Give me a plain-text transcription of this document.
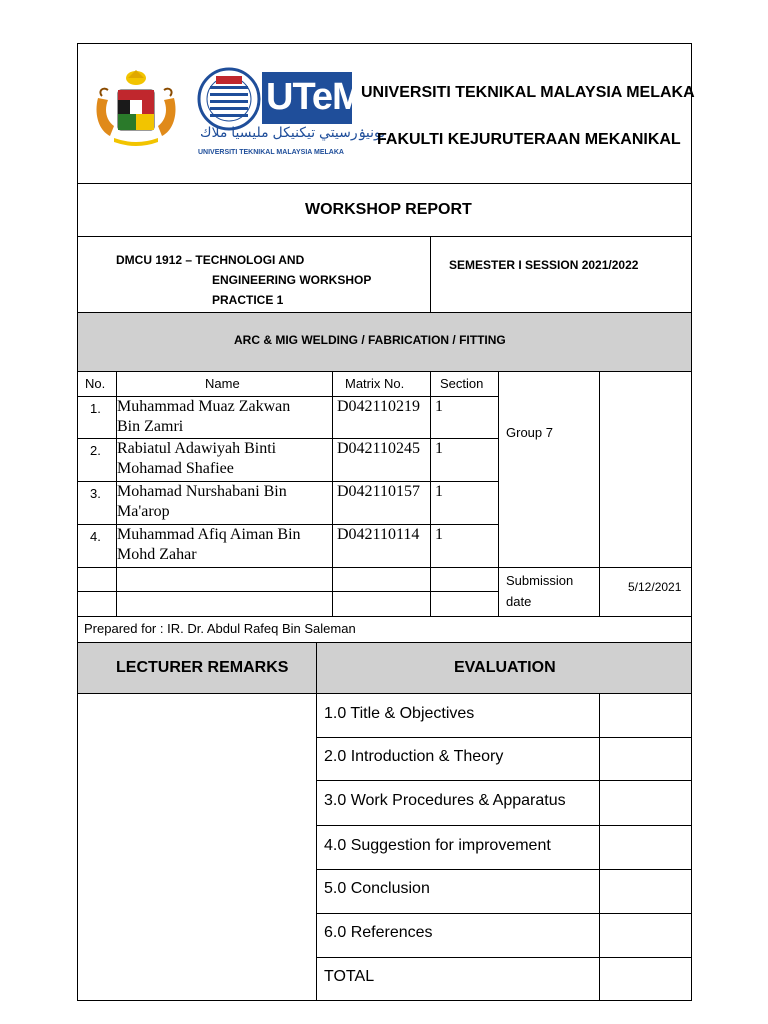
UTeM
يونيۏرسيتي تيكنيكل مليسيا ملاك
UNIVERSITI TEKNIKAL MALAYSIA MELAKA
UNIVERSITI TEKNIKAL MALAYSIA MELAKA
FAKULTI KEJURUTERAAN MEKANIKAL
WORKSHOP REPORT
DMCU 1912 – TECHNOLOGI AND
ENGINEERING WORKSHOP
PRACTICE 1
SEMESTER I SESSION 2021/2022
ARC & MIG WELDING / FABRICATION / FITTING
No.	Name	Matrix No.	Section
1. Muhammad Muaz Zakwan
Bin Zamri
D042110219 1
2. Rabiatul Adawiyah Binti
Mohamad Shafiee
D042110245 1
3. Mohamad Nurshabani Bin
Ma'arop
D042110157 1
4. Muhammad Afiq Aiman Bin
Mohd Zahar
D042110114 1
Group 7
Submission
date
5/12/2021
Prepared for : IR. Dr. Abdul Rafeq Bin Saleman
LECTURER REMARKS	EVALUATION
1.0 Title & Objectives
2.0 Introduction & Theory
3.0 Work Procedures & Apparatus
4.0 Suggestion for improvement
5.0 Conclusion
6.0 References
TOTAL
